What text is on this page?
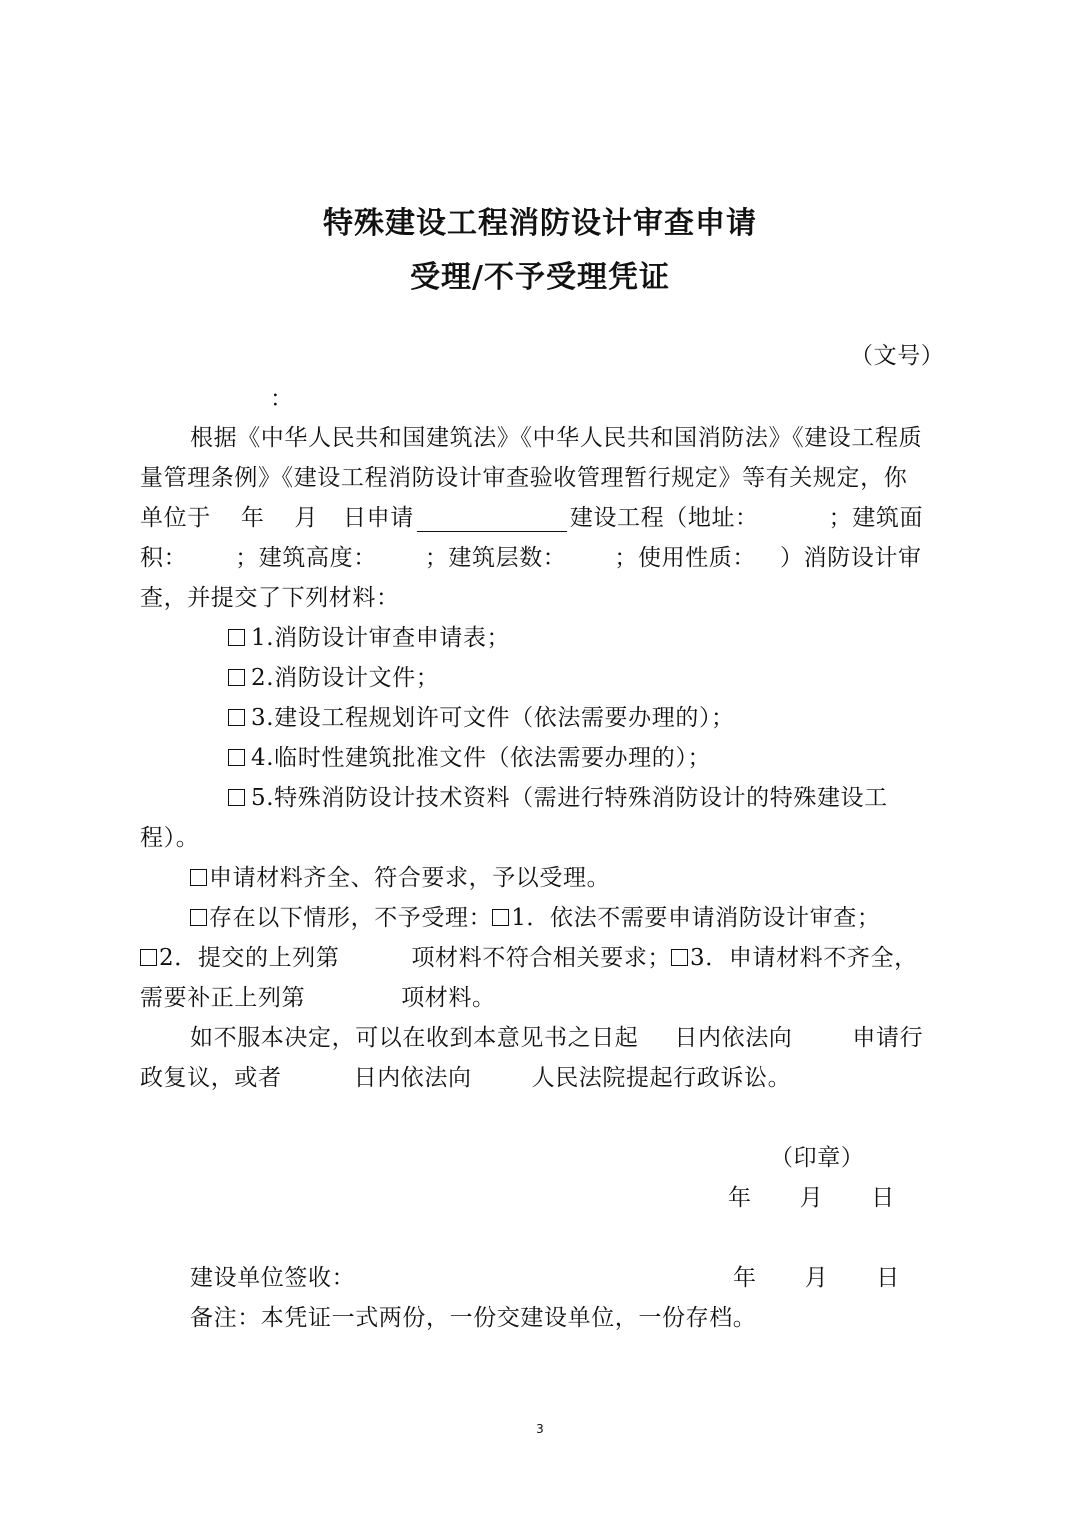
特殊建设工程消防设计审查申请
受理/不予受理凭证
（文号）
：
根据《中华人民共和国建筑法》《中华人民共和国消防法》《建设工程质
量管理条例》《建设工程消防设计审查验收管理暂行规定》等有关规定，你
单位于 年 月 日申请	建设工程（地址：	；建筑面
积： ；建筑高度： ；建筑层数： ；使用性质： ）消防设计审
查，并提交了下列材料：
1.消防设计审查申请表；
2.消防设计文件；
3.建设工程规划许可文件（依法需要办理的）；
4.临时性建筑批准文件（依法需要办理的）；
5.特殊消防设计技术资料（需进行特殊消防设计的特殊建设工
程）。
申请材料齐全、符合要求，予以受理。
存在以下情形，不予受理： 1．依法不需要申请消防设计审查；
2．提交的上列第	项材料不符合相关要求； 3．申请材料不齐全，
需要补正上列第	项材料。
如不服本决定，可以在收到本意见书之日起 日内依法向	申请行
政复议，或者	日内依法向	人民法院提起行政诉讼。
（印章）
年 月 日
建设单位签收：	年 月 日
备注：本凭证一式两份，一份交建设单位，一份存档。
3
